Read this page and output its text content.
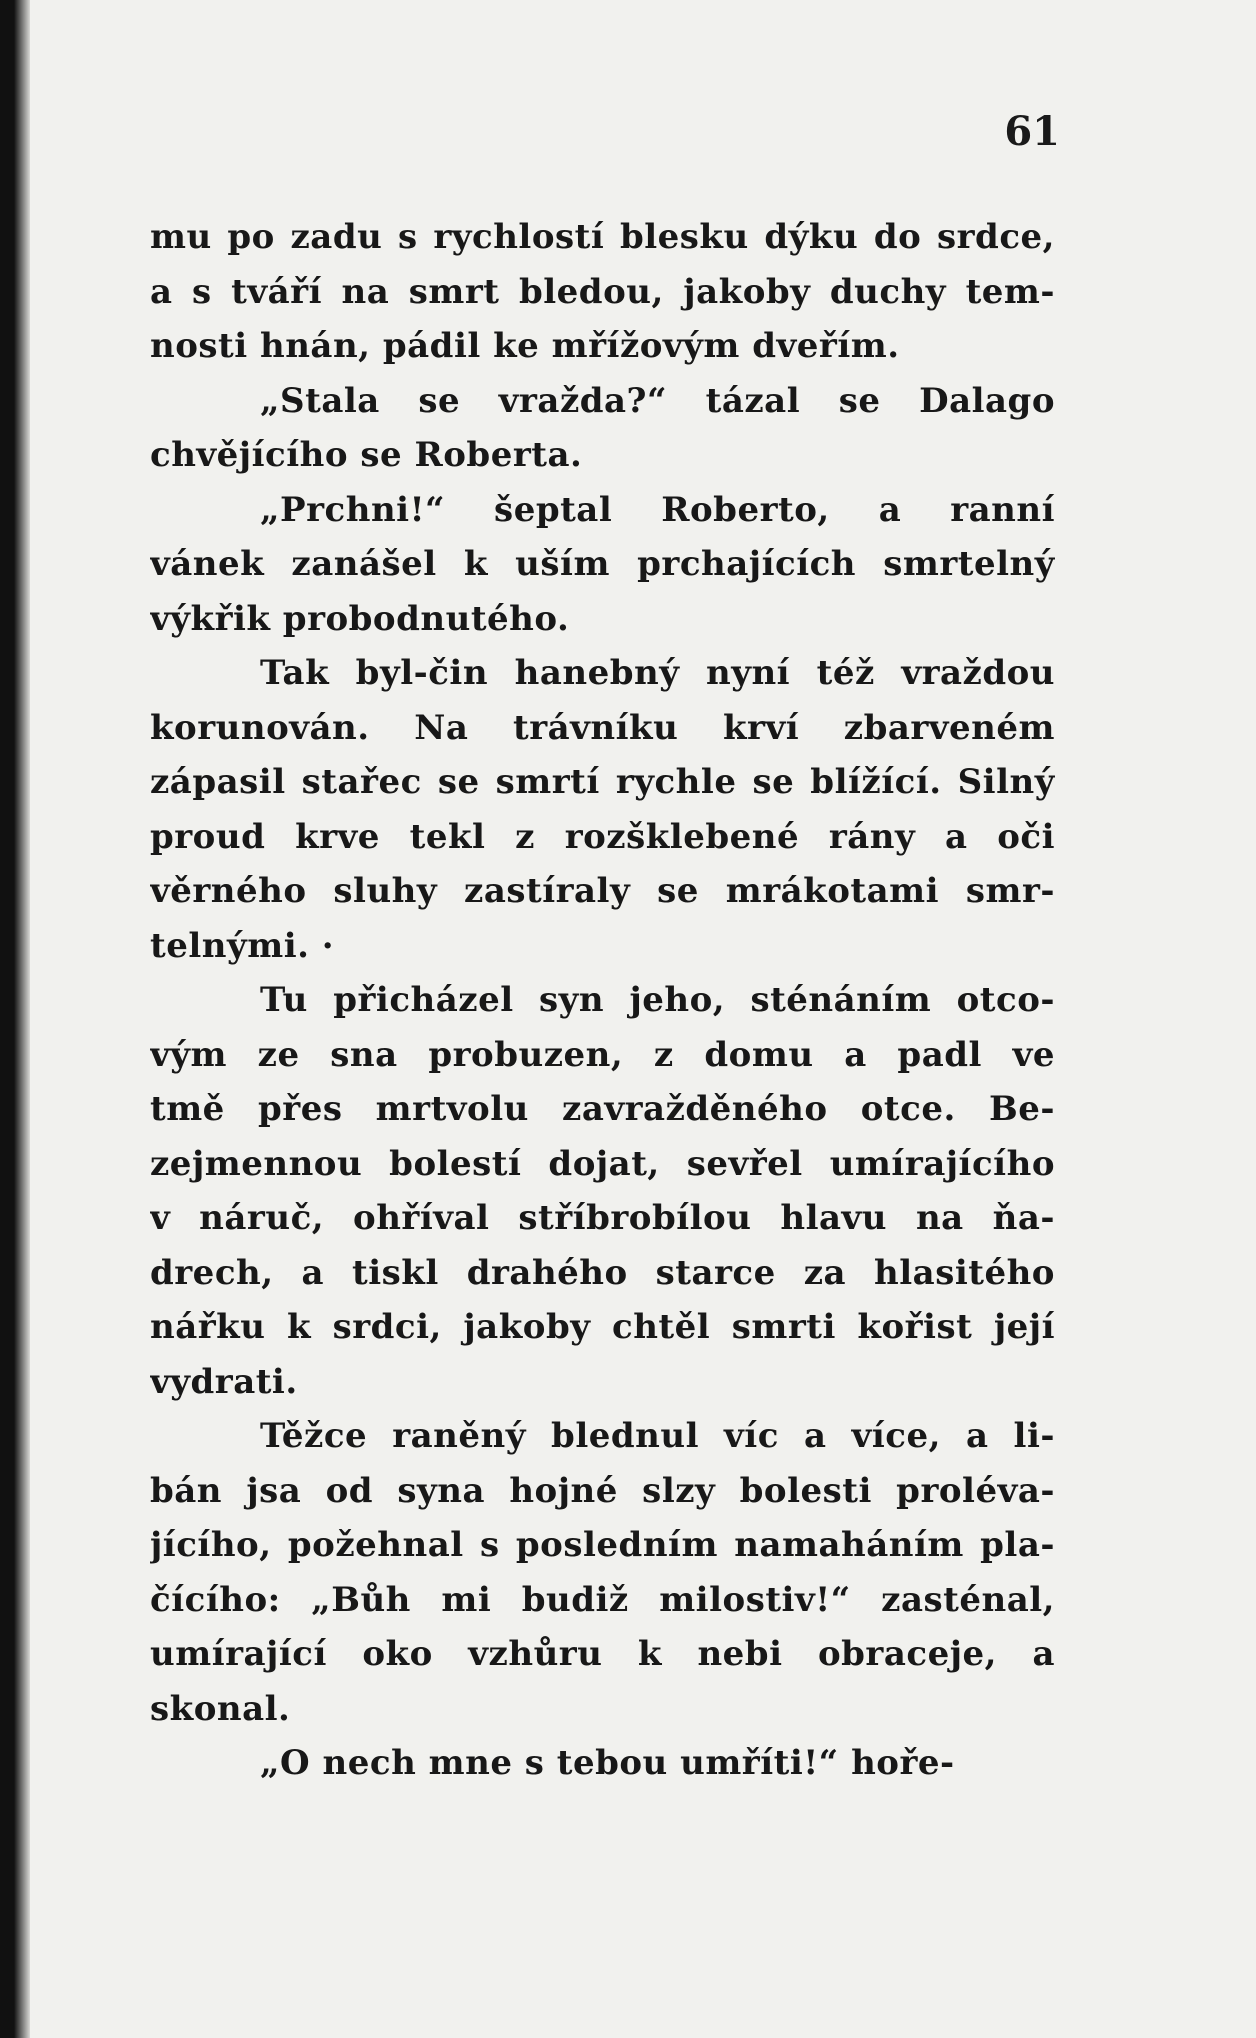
61
mu po zadu s rychlostí blesku dýku do srdce,
a s tváří na smrt bledou, jakoby duchy tem-
nosti hnán, pádil ke mřížovým dveřím.
„Stala se vražda?“ tázal se Dalago
chvějícího se Roberta.
„Prchni!“ šeptal Roberto, a ranní
vánek zanášel k uším prchajících smrtelný
výkřik probodnutého.
Tak byl-čin hanebný nyní též vraždou
korunován. Na trávníku krví zbarveném
zápasil stařec se smrtí rychle se blížící. Silný
proud krve tekl z rozšklebené rány a oči
věrného sluhy zastíraly se mrákotami smr-
telnými. ·
Tu přicházel syn jeho, sténáním otco-
vým ze sna probuzen, z domu a padl ve
tmě přes mrtvolu zavražděného otce. Be-
zejmennou bolestí dojat, sevřel umírajícího
v náruč, ohříval stříbrobílou hlavu na ňa-
drech, a tiskl drahého starce za hlasitého
nářku k srdci, jakoby chtěl smrti kořist její
vydrati.
Těžce raněný blednul víc a více, a li-
bán jsa od syna hojné slzy bolesti proléva-
jícího, požehnal s posledním namaháním pla-
čícího: „Bůh mi budiž milostiv!“ zasténal,
umírající oko vzhůru k nebi obraceje, a
skonal.
„O nech mne s tebou umříti!“ hoře-
